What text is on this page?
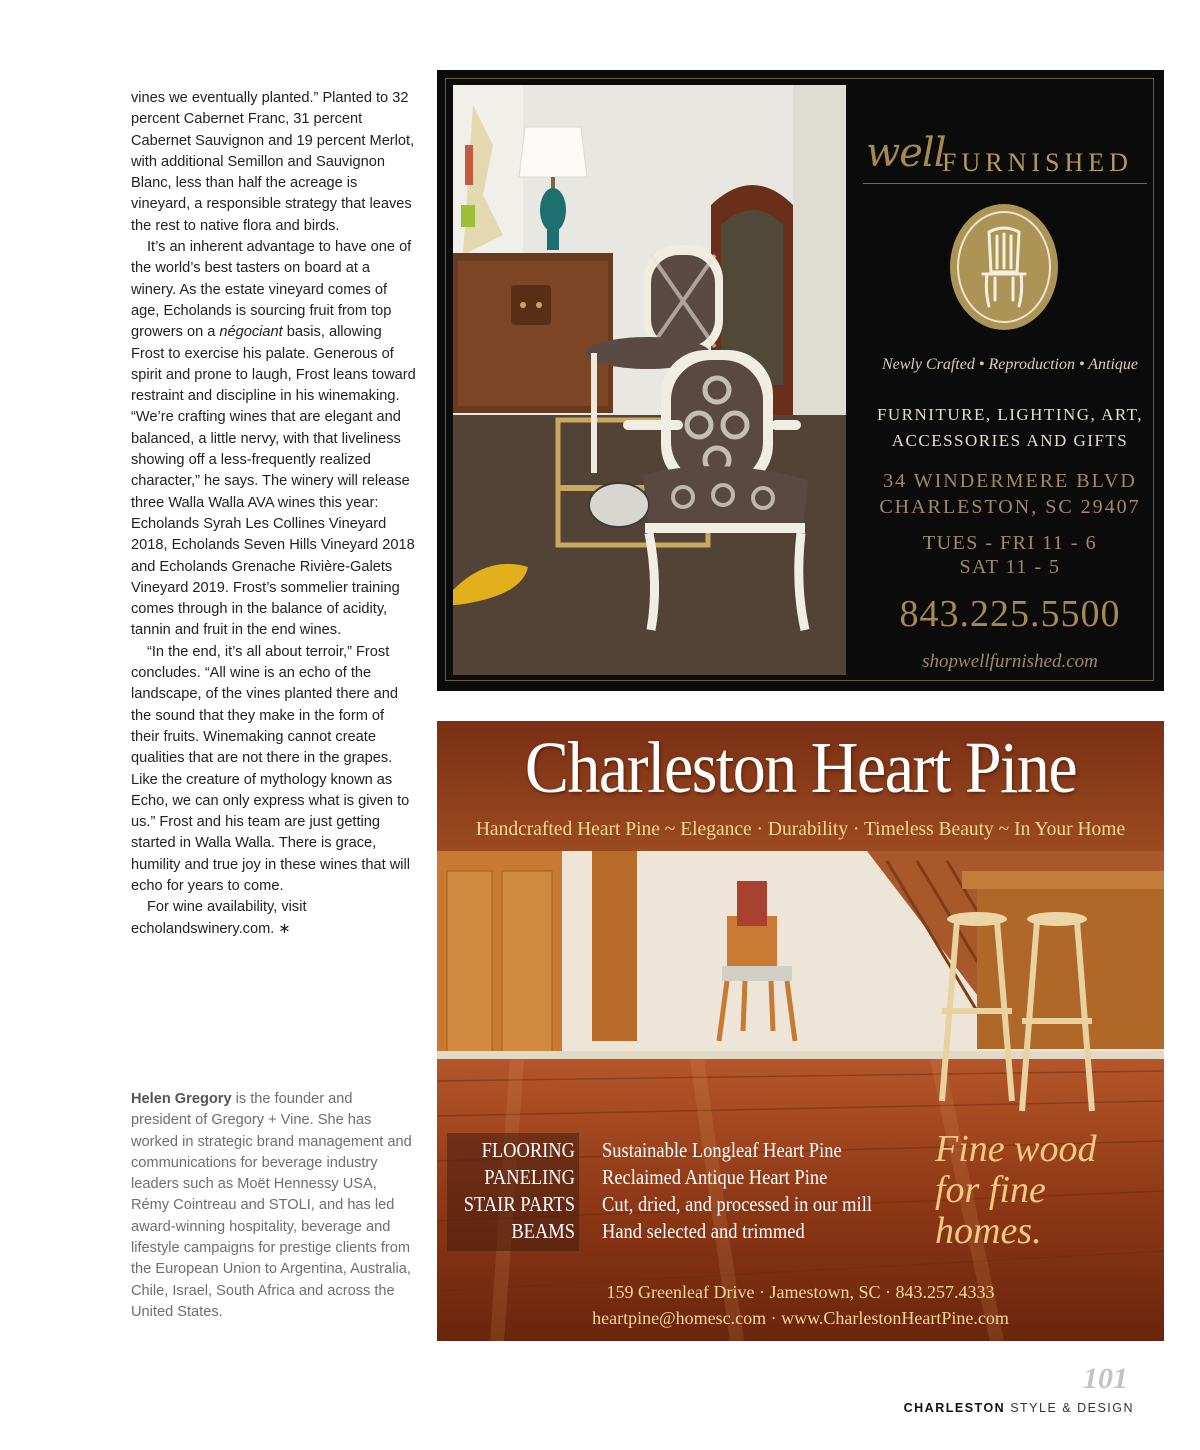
vines we eventually planted.” Planted to 32 percent Cabernet Franc, 31 percent Cabernet Sauvignon and 19 percent Merlot, with additional Semillon and Sauvignon Blanc, less than half the acreage is vineyard, a responsible strategy that leaves the rest to native flora and birds.

It’s an inherent advantage to have one of the world’s best tasters on board at a winery. As the estate vineyard comes of age, Echolands is sourcing fruit from top growers on a négociant basis, allowing Frost to exercise his palate. Generous of spirit and prone to laugh, Frost leans toward restraint and discipline in his winemaking. “We’re crafting wines that are elegant and balanced, a little nervy, with that liveliness showing off a less-frequently realized character,” he says. The winery will release three Walla Walla AVA wines this year: Echolands Syrah Les Collines Vineyard 2018, Echolands Seven Hills Vineyard 2018 and Echolands Grenache Rivière-Galets Vineyard 2019. Frost’s sommelier training comes through in the balance of acidity, tannin and fruit in the end wines.

“In the end, it’s all about terroir,” Frost concludes. “All wine is an echo of the landscape, of the vines planted there and the sound that they make in the form of their fruits. Winemaking cannot create qualities that are not there in the grapes. Like the creature of mythology known as Echo, we can only express what is given to us.” Frost and his team are just getting started in Walla Walla. There is grace, humility and true joy in these wines that will echo for years to come.

For wine availability, visit echolandswinery.com. ∗

Helen Gregory is the founder and president of Gregory + Vine. She has worked in strategic brand management and communications for beverage industry leaders such as Moët Hennessy USA, Rémy Cointreau and STOLI, and has led award-winning hospitality, beverage and lifestyle campaigns for prestige clients from the European Union to Argentina, Australia, Chile, Israel, South Africa and across the United States.
well
FURNISHED
Newly Crafted • Reproduction • Antique
FURNITURE, LIGHTING, ART,
ACCESSORIES AND GIFTS
34 WINDERMERE BLVD
CHARLESTON, SC 29407
TUES - FRI 11 - 6
SAT 11 - 5
843.225.5500
shopwellfurnished.com
Charleston Heart Pine
Handcrafted Heart Pine ~ Elegance · Durability · Timeless Beauty ~ In Your Home
FLOORING
PANELING
STAIR PARTS
BEAMS
Sustainable Longleaf Heart Pine
Reclaimed Antique Heart Pine
Cut, dried, and processed in our mill
Hand selected and trimmed
Fine wood
for fine
homes.
159 Greenleaf Drive · Jamestown, SC · 843.257.4333
heartpine@homesc.com · www.CharlestonHeartPine.com
101
CHARLESTON STYLE & DESIGN
